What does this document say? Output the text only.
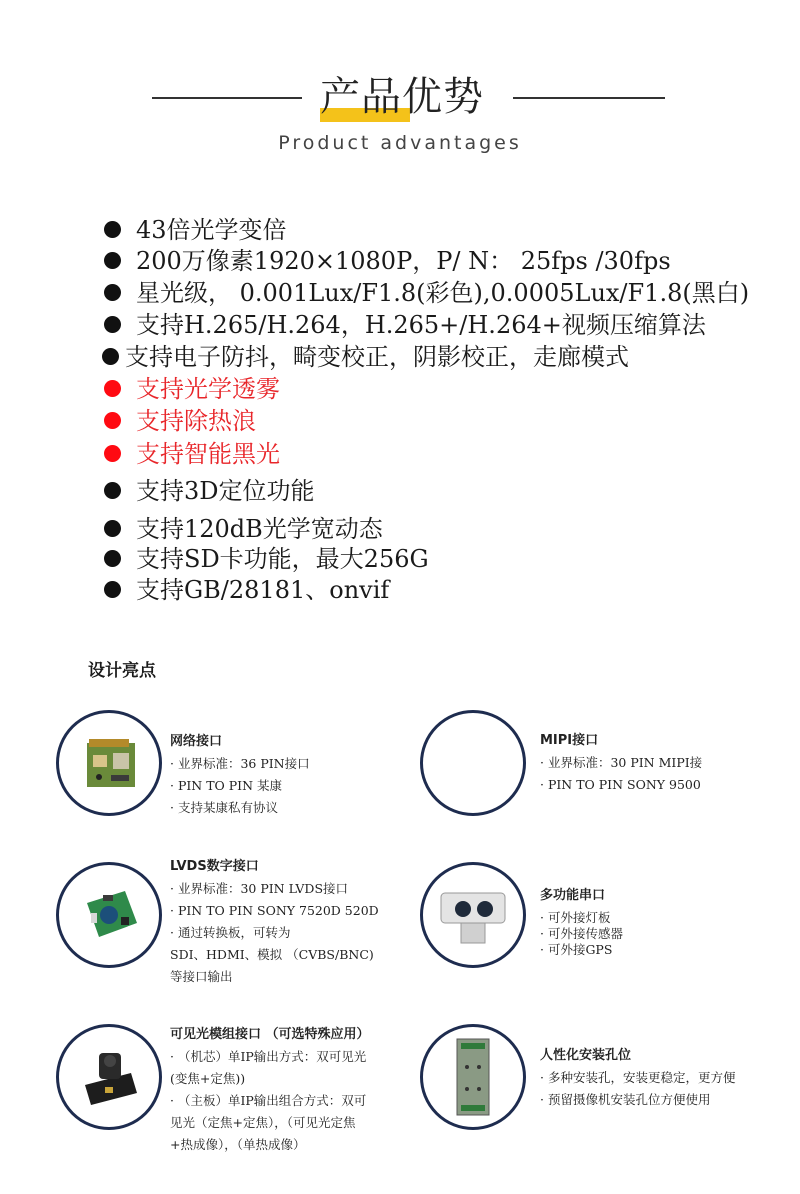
产品优势
Product advantages
43倍光学变倍
200万像素1920×1080P，P/ N： 25fps /30fps
星光级， 0.001Lux/F1.8(彩色),0.0005Lux/F1.8(黑白)
支持H.265/H.264，H.265+/H.264+视频压缩算法
支持电子防抖，畸变校正，阴影校正，走廊模式
支持光学透雾
支持除热浪
支持智能黑光
支持3D定位功能
支持120dB光学宽动态
支持SD卡功能，最大256G
支持GB/28181、onvif
设计亮点
网络接口
· 业界标准：36 PIN接口
· PIN TO PIN 某康
· 支持某康私有协议
MIPI接口
· 业界标准：30 PIN MIPI接
· PIN TO PIN SONY 9500
LVDS数字接口
· 业界标准：30 PIN LVDS接口
· PIN TO PIN SONY 7520D 520D
· 通过转换板，可转为
SDI、HDMI、模拟 （CVBS/BNC)
等接口输出
多功能串口
· 可外接灯板
· 可外接传感器
· 可外接GPS
可见光模组接口 （可选特殊应用）
· （机芯）单IP输出方式：双可见光
(变焦+定焦))
· （主板）单IP输出组合方式：双可
见光（定焦+定焦），（可见光定焦
+热成像），（单热成像）
人性化安装孔位
· 多种安装孔，安装更稳定，更方便
· 预留摄像机安装孔位方便使用
